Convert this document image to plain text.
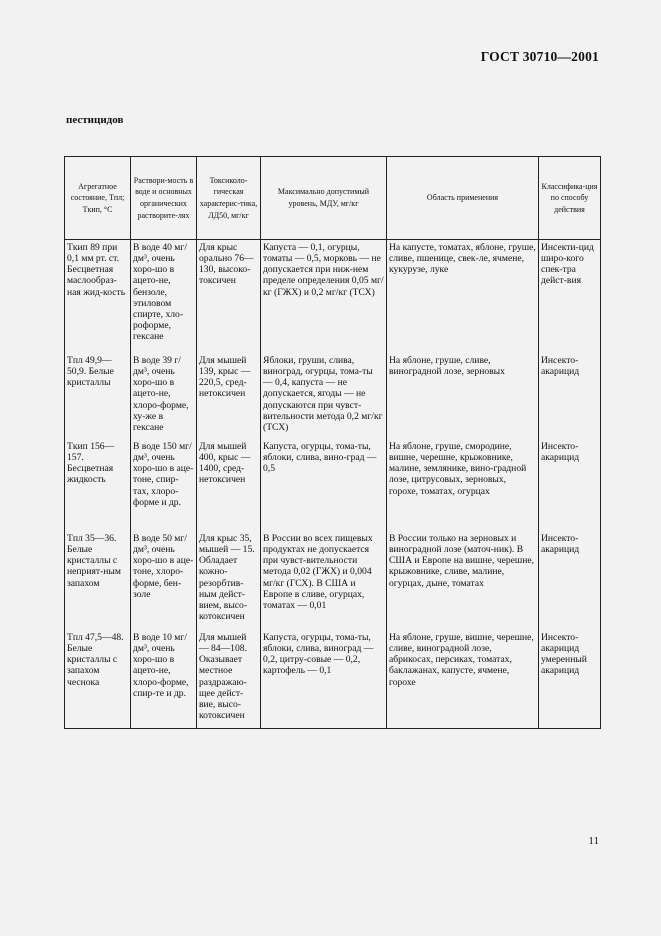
ГОСТ 30710—2001
пестицидов
Агрегатное состояние, Tпл; Tкип, °С	Раствори-мость в воде и основных органических растворите-лях	Токсиколо-гическая характерис-тика, ЛД50, мг/кг	Максимально допустимый уровень, МДУ, мг/кг	Область применения	Классифика-ция по способу действия
Tкип 89 при 0,1 мм рт. ст. Бесцветная маслообраз-ная жид-кость	В воде 40 мг/дм³, очень хоро-шо в ацето-не, бензоле, этиловом спирте, хло-роформе, гексане	Для крыс орально 76—130, высоко-токсичен	Капуста — 0,1, огурцы, томаты — 0,5, морковь — не допускается при ниж-нем пределе определения 0,05 мг/кг (ГЖХ) и 0,2 мг/кг (ТСХ)	На капусте, томатах, яблоне, груше, сливе, пшенице, свек-ле, ячмене, кукурузе, луке	Инсекти-цид широ-кого спек-тра дейст-вия
Tпл 49,9—50,9. Белые кристаллы	В воде 39 г/дм³, очень хоро-шо в ацето-не, хлоро-форме, ху-же в гексане	Для мышей 139, крыс — 220,5, сред-нетоксичен	Яблоки, груши, слива, виноград, огурцы, тома-ты — 0,4, капуста — не допускается, ягоды — не допускаются при чувст-вительности метода 0,2 мг/кг (ТСХ)	На яблоне, груше, сливе, виноградной лозе, зерновых	Инсекто-акарицид
Tкип 156—157. Бесцветная жидкость	В воде 150 мг/дм³, очень хоро-шо в аце-тоне, спир-тах, хлоро-форме и др.	Для мышей 400, крыс — 1400, сред-нетоксичен	Капуста, огурцы, тома-ты, яблоки, слива, вино-град — 0,5	На яблоне, груше, смородине, вишне, черешне, крыжовнике, малине, землянике, вино-градной лозе, цитрусовых, зерновых, горохе, томатах, огурцах	Инсекто-акарицид
Tпл 35—36. Белые кристаллы с неприят-ным запахом	В воде 50 мг/дм³, очень хоро-шо в аце-тоне, хлоро-форме, бен-золе	Для крыс 35, мышей — 15. Обладает кожно-резорбтив-ным дейст-вием, высо-котоксичен	В России во всех пищевых продуктах не допускается при чувст-вительности метода 0,02 (ГЖХ) и 0,004 мг/кг (ГСХ). В США и Европе в сливе, огурцах, томатах — 0,01	В России только на зерновых и виноградной лозе (маточ-ник). В США и Европе на вишне, черешне, крыжовнике, сливе, малине, огурцах, дыне, томатах	Инсекто-акарицид
Tпл 47,5—48. Белые кристаллы с запахом чеснока	В воде 10 мг/дм³, очень хоро-шо в ацето-не, хлоро-форме, спир-те и др.	Для мышей — 84—108. Оказывает местное раздражаю-щее дейст-вие, высо-котоксичен	Капуста, огурцы, тома-ты, яблоки, слива, виноград — 0,2, цитру-совые — 0,2, картофель — 0,1	На яблоне, груше, вишне, черешне, сливе, виноградной лозе, абрикосах, персиках, томатах, баклажанах, капусте, ячмене, горохе	Инсекто-акарицид умеренный акарицид
11
